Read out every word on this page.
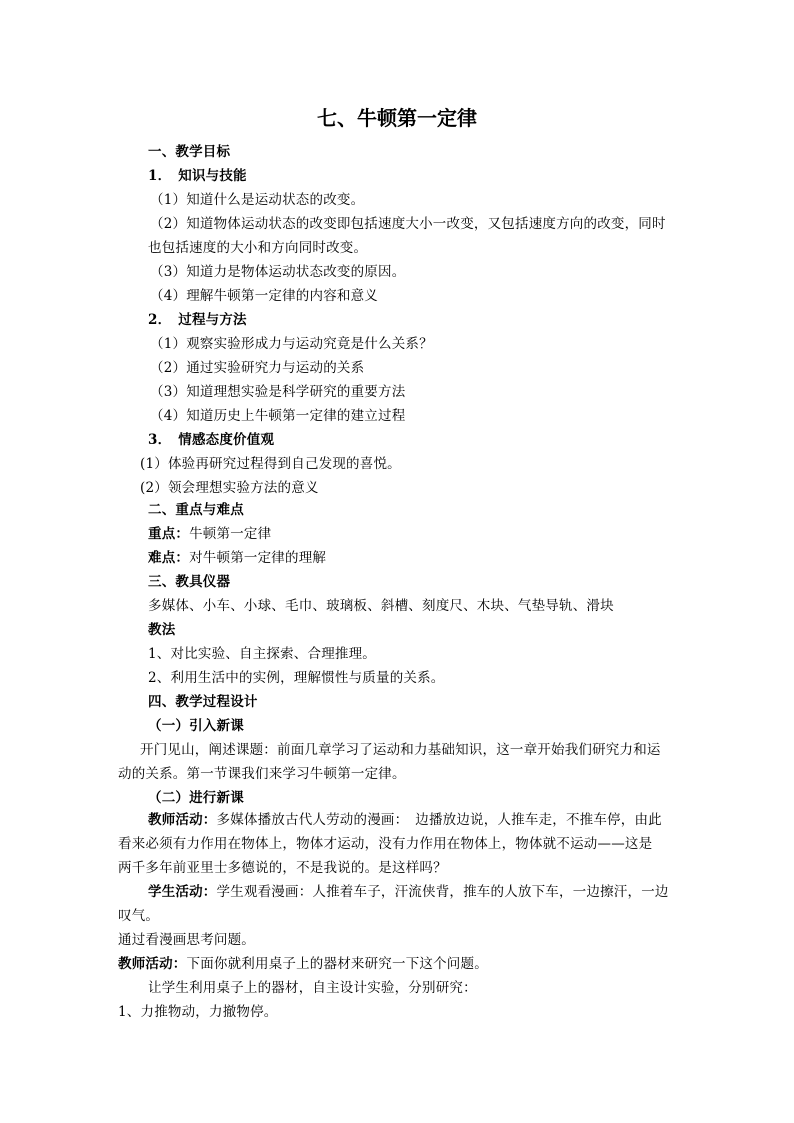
七、牛顿第一定律

一、教学目标

1．　知识与技能

（1）知道什么是运动状态的改变。

（2）知道物体运动状态的改变即包括速度大小一改变，又包括速度方向的改变，同时

也包括速度的大小和方向同时改变。

（3）知道力是物体运动状态改变的原因。

（4）理解牛顿第一定律的内容和意义

2．　过程与方法

（1）观察实验形成力与运动究竟是什么关系？

（2）通过实验研究力与运动的关系

（3）知道理想实验是科学研究的重要方法

（4）知道历史上牛顿第一定律的建立过程

3．　情感态度价值观

(1）体验再研究过程得到自己发现的喜悦。

(2）领会理想实验方法的意义

二、重点与难点

重点：牛顿第一定律

难点：对牛顿第一定律的理解

三、教具仪器

多媒体、小车、小球、毛巾、玻璃板、斜槽、刻度尺、木块、气垫导轨、滑块

教法

1、对比实验、自主探索、合理推理。

2、利用生活中的实例，理解惯性与质量的关系。

四、教学过程设计

（一）引入新课

开门见山，阐述课题：前面几章学习了运动和力基础知识，这一章开始我们研究力和运

动的关系。第一节课我们来学习牛顿第一定律。

（二）进行新课

教师活动：多媒体播放古代人劳动的漫画：　边播放边说，人推车走，不推车停，由此

看来必须有力作用在物体上，物体才运动，没有力作用在物体上，物体就不运动——这是

两千多年前亚里士多德说的，不是我说的。是这样吗？

学生活动：学生观看漫画：人推着车子，汗流侠背，推车的人放下车，一边擦汗，一边

叹气。

通过看漫画思考问题。

教师活动：下面你就利用桌子上的器材来研究一下这个问题。

让学生利用桌子上的器材，自主设计实验，分别研究：

1、力推物动，力撤物停。
